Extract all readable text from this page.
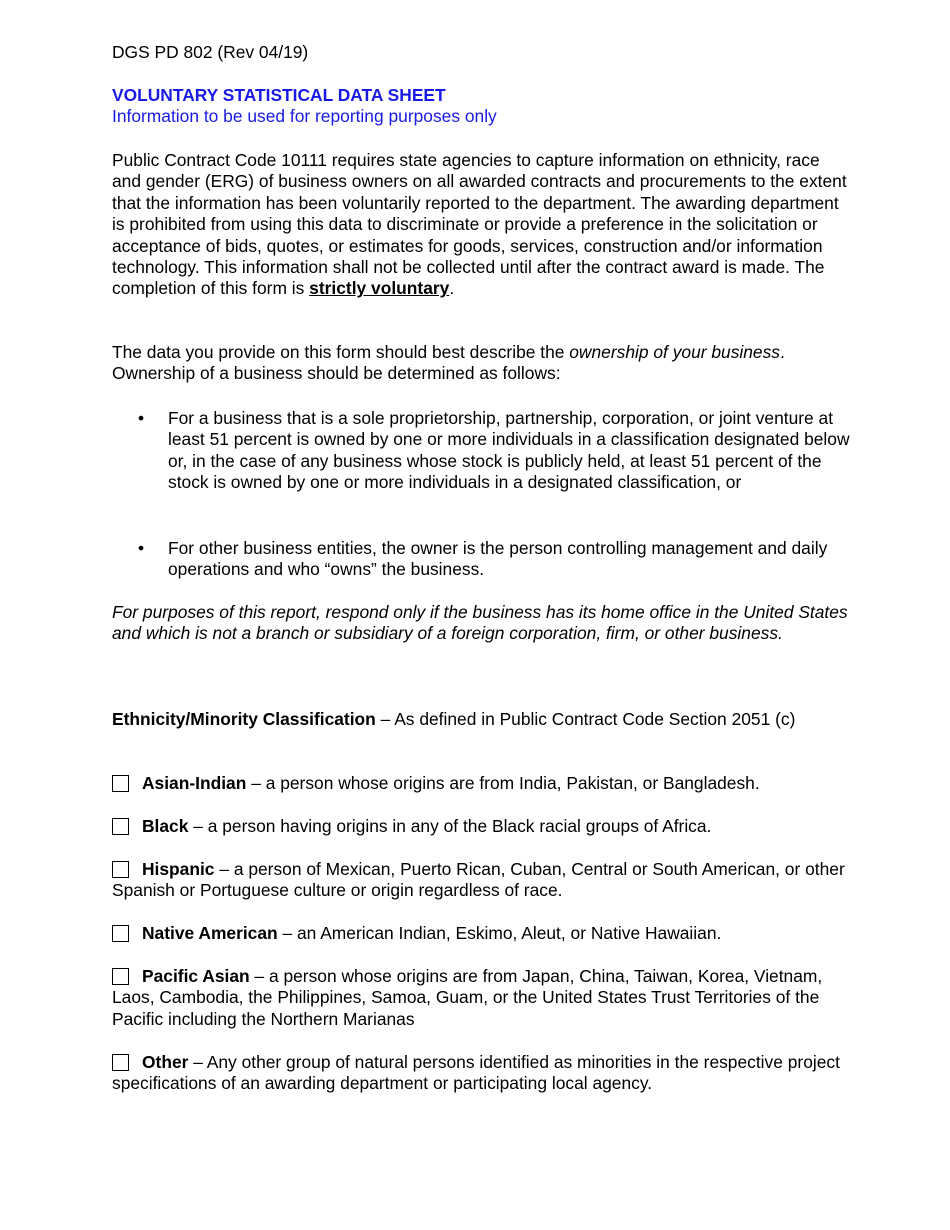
DGS PD 802 (Rev 04/19)
VOLUNTARY STATISTICAL DATA SHEET
Information to be used for reporting purposes only
Public Contract Code 10111 requires state agencies to capture information on ethnicity, race and gender (ERG) of business owners on all awarded contracts and procurements to the extent that the information has been voluntarily reported to the department. The awarding department is prohibited from using this data to discriminate or provide a preference in the solicitation or acceptance of bids, quotes, or estimates for goods, services, construction and/or information technology. This information shall not be collected until after the contract award is made. The completion of this form is strictly voluntary.
The data you provide on this form should best describe the ownership of your business. Ownership of a business should be determined as follows:
• For a business that is a sole proprietorship, partnership, corporation, or joint venture at least 51 percent is owned by one or more individuals in a classification designated below or, in the case of any business whose stock is publicly held, at least 51 percent of the stock is owned by one or more individuals in a designated classification, or
• For other business entities, the owner is the person controlling management and daily operations and who “owns” the business.
For purposes of this report, respond only if the business has its home office in the United States and which is not a branch or subsidiary of a foreign corporation, firm, or other business.
Ethnicity/Minority Classification – As defined in Public Contract Code Section 2051 (c)
Asian-Indian – a person whose origins are from India, Pakistan, or Bangladesh.
Black – a person having origins in any of the Black racial groups of Africa.
Hispanic – a person of Mexican, Puerto Rican, Cuban, Central or South American, or other Spanish or Portuguese culture or origin regardless of race.
Native American – an American Indian, Eskimo, Aleut, or Native Hawaiian.
Pacific Asian – a person whose origins are from Japan, China, Taiwan, Korea, Vietnam, Laos, Cambodia, the Philippines, Samoa, Guam, or the United States Trust Territories of the Pacific including the Northern Marianas
Other – Any other group of natural persons identified as minorities in the respective project specifications of an awarding department or participating local agency.
